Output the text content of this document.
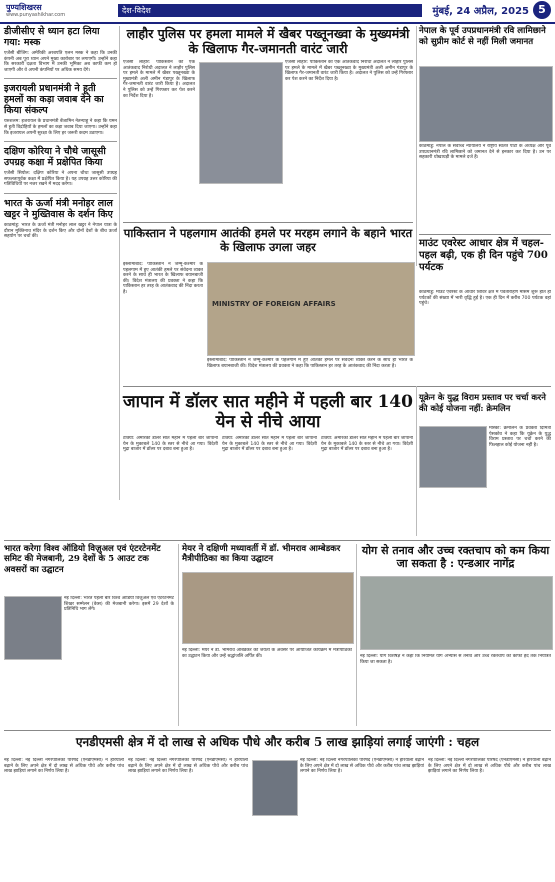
पुण्यशिखरस
www.punyashikhar.com	देश-विदेश	मुंबई, 24 अप्रैल, 2025 5
डीजीसीए से ध्यान हटा लिया गया: मस्क
एजेंसी बीजिंग: अमेरिकी अरबपति एलन मस्क ने कहा कि उनकी कंपनी अब पूरा ध्यान अपने मुख्य कारोबार पर लगाएगी। उन्होंने कहा कि सरकारी दक्षता विभाग में उनकी भूमिका अब काफी कम हो जाएगी और वे अपनी कंपनियों पर अधिक समय देंगे।
इजरायली प्रधानमंत्री ने हूती हमलों का कड़ा जवाब देने का किया संकल्प
यरुशलम: इजरायल के प्रधानमंत्री बेंजामिन नेतन्याहू ने कहा कि यमन से हूती विद्रोहियों के हमलों का कड़ा जवाब दिया जाएगा। उन्होंने कहा कि इजरायल अपनी सुरक्षा के लिए हर जरूरी कदम उठाएगा।
दक्षिण कोरिया ने चौथे जासूसी उपग्रह कक्षा में प्रक्षेपित किया
एजेंसी सियोल: दक्षिण कोरिया ने अपना चौथा जासूसी उपग्रह सफलतापूर्वक कक्षा में प्रक्षेपित किया है। यह उपग्रह उत्तर कोरिया की गतिविधियों पर नजर रखने में मदद करेगा।
भारत के ऊर्जा मंत्री मनोहर लाल खट्टर ने मुख्तिवास के दर्शन किए
काठमांडू: भारत के ऊर्जा मंत्री मनोहर लाल खट्टर ने नेपाल यात्रा के दौरान मुक्तिनाथ मंदिर के दर्शन किए और दोनों देशों के बीच ऊर्जा सहयोग पर चर्चा की।
लाहौर पुलिस पर हमला मामले में खैबर पख्तूनख्वा के मुख्यमंत्री के खिलाफ गैर-जमानती वारंट जारी
एजेंसी लाहौर: पाकिस्तान की एक आतंकवाद निरोधी अदालत ने लाहौर पुलिस पर हमले के मामले में खैबर पख्तूनख्वा के मुख्यमंत्री अली अमीन गंडापुर के खिलाफ गैर-जमानती वारंट जारी किया है। अदालत ने पुलिस को उन्हें गिरफ्तार कर पेश करने का निर्देश दिया है।
एजेंसी लाहौर: पाकिस्तान की एक आतंकवाद निरोधी अदालत ने लाहौर पुलिस पर हमले के मामले में खैबर पख्तूनख्वा के मुख्यमंत्री अली अमीन गंडापुर के खिलाफ गैर-जमानती वारंट जारी किया है। अदालत ने पुलिस को उन्हें गिरफ्तार कर पेश करने का निर्देश दिया है।
नेपाल के पूर्व उपप्रधानमंत्री रवि लामिछाने को सुप्रीम कोर्ट से नहीं मिली जमानत
काठमांडू: नेपाल के सर्वोच्च न्यायालय ने राष्ट्रीय स्वतंत्र पार्टी के अध्यक्ष और पूर्व उपप्रधानमंत्री रवि लामिछाने को जमानत देने से इनकार कर दिया है। उन पर सहकारी धोखाधड़ी के मामले दर्ज हैं।
पाकिस्तान ने पहलगाम आतंकी हमले पर मरहम लगाने के बहाने भारत के खिलाफ उगला जहर
इस्लामाबाद: पाकिस्तान ने जम्मू-कश्मीर के पहलगाम में हुए आतंकी हमले पर संवेदना व्यक्त करने के साथ ही भारत के खिलाफ बयानबाजी की। विदेश मंत्रालय की प्रवक्ता ने कहा कि पाकिस्तान हर तरह के आतंकवाद की निंदा करता है।
MINISTRY OF FOREIGN AFFAIRS
इस्लामाबाद: पाकिस्तान ने जम्मू-कश्मीर के पहलगाम में हुए आतंकी हमले पर संवेदना व्यक्त करने के साथ ही भारत के खिलाफ बयानबाजी की। विदेश मंत्रालय की प्रवक्ता ने कहा कि पाकिस्तान हर तरह के आतंकवाद की निंदा करता है।
माउंट एवरेस्ट आधार क्षेत्र में चहल-पहल बढ़ी, एक ही दिन पहुंचे 700 पर्यटक
काठमांडू: माउंट एवरेस्ट के आधार शिविर क्षेत्र में पर्वतारोहण मौसम शुरू होते ही पर्यटकों की संख्या में भारी वृद्धि हुई है। एक ही दिन में करीब 700 पर्यटक वहां पहुंचे।
जापान में डॉलर सात महीने में पहली बार 140 येन से नीचे आया
टोक्यो: अमेरिकी डॉलर सात महीने में पहली बार जापानी येन के मुकाबले 140 के स्तर से नीचे आ गया। विदेशी मुद्रा बाजार में डॉलर पर दबाव बना हुआ है।
टोक्यो: अमेरिकी डॉलर सात महीने में पहली बार जापानी येन के मुकाबले 140 के स्तर से नीचे आ गया। विदेशी मुद्रा बाजार में डॉलर पर दबाव बना हुआ है।
टोक्यो: अमेरिकी डॉलर सात महीने में पहली बार जापानी येन के मुकाबले 140 के स्तर से नीचे आ गया। विदेशी मुद्रा बाजार में डॉलर पर दबाव बना हुआ है।
यूक्रेन के युद्ध विराम प्रस्ताव पर चर्चा करने की कोई योजना नहीं: क्रेमलिन
मॉस्को: क्रेमलिन के प्रवक्ता दिमित्री पेसकोव ने कहा कि यूक्रेन के युद्ध विराम प्रस्ताव पर चर्चा करने की फिलहाल कोई योजना नहीं है।
भारत करेगा विश्व ऑडियो विज़ुअल एवं एंटरटेनमेंट समिट की मेजबानी, 29 देशों के 5 आउट टक अवसरों का उद्घाटन
नई दिल्ली: भारत पहली बार विश्व ऑडियो विजुअल एवं एंटरटेनमेंट शिखर सम्मेलन (वेव्स) की मेजबानी करेगा। इसमें 29 देशों के प्रतिनिधि भाग लेंगे।
मेयर ने दक्षिणी मध्यावर्ती में डॉ. भीमराव आम्बेडकर मैत्रीपीठिका का किया उद्घाटन
नई दिल्ली: मेयर ने डॉ. भीमराव आंबेडकर की जयंती के अवसर पर आयोजित कार्यक्रम में मैत्रीपीठिका का उद्घाटन किया और उन्हें श्रद्धांजलि अर्पित की।
योग से तनाव और उच्च रक्तचाप को कम किया जा सकता है : एन्डआर नागेंद्र
नई दिल्ली: योग विशेषज्ञ ने कहा कि नियमित योग अभ्यास से तनाव और उच्च रक्तचाप को काफी हद तक नियंत्रित किया जा सकता है।
एनडीएमसी क्षेत्र में दो लाख से अधिक पौधे और करीब 5 लाख झाड़ियां लगाई जाएंगी : चहल
नई दिल्ली: नई दिल्ली नगरपालिका परिषद (एनडीएमसी) ने हरियाली बढ़ाने के लिए अपने क्षेत्र में दो लाख से अधिक पौधे और करीब पांच लाख झाड़ियां लगाने का निर्णय लिया है।
नई दिल्ली: नई दिल्ली नगरपालिका परिषद (एनडीएमसी) ने हरियाली बढ़ाने के लिए अपने क्षेत्र में दो लाख से अधिक पौधे और करीब पांच लाख झाड़ियां लगाने का निर्णय लिया है।
नई दिल्ली: नई दिल्ली नगरपालिका परिषद (एनडीएमसी) ने हरियाली बढ़ाने के लिए अपने क्षेत्र में दो लाख से अधिक पौधे और करीब पांच लाख झाड़ियां लगाने का निर्णय लिया है।
नई दिल्ली: नई दिल्ली नगरपालिका परिषद (एनडीएमसी) ने हरियाली बढ़ाने के लिए अपने क्षेत्र में दो लाख से अधिक पौधे और करीब पांच लाख झाड़ियां लगाने का निर्णय लिया है।
